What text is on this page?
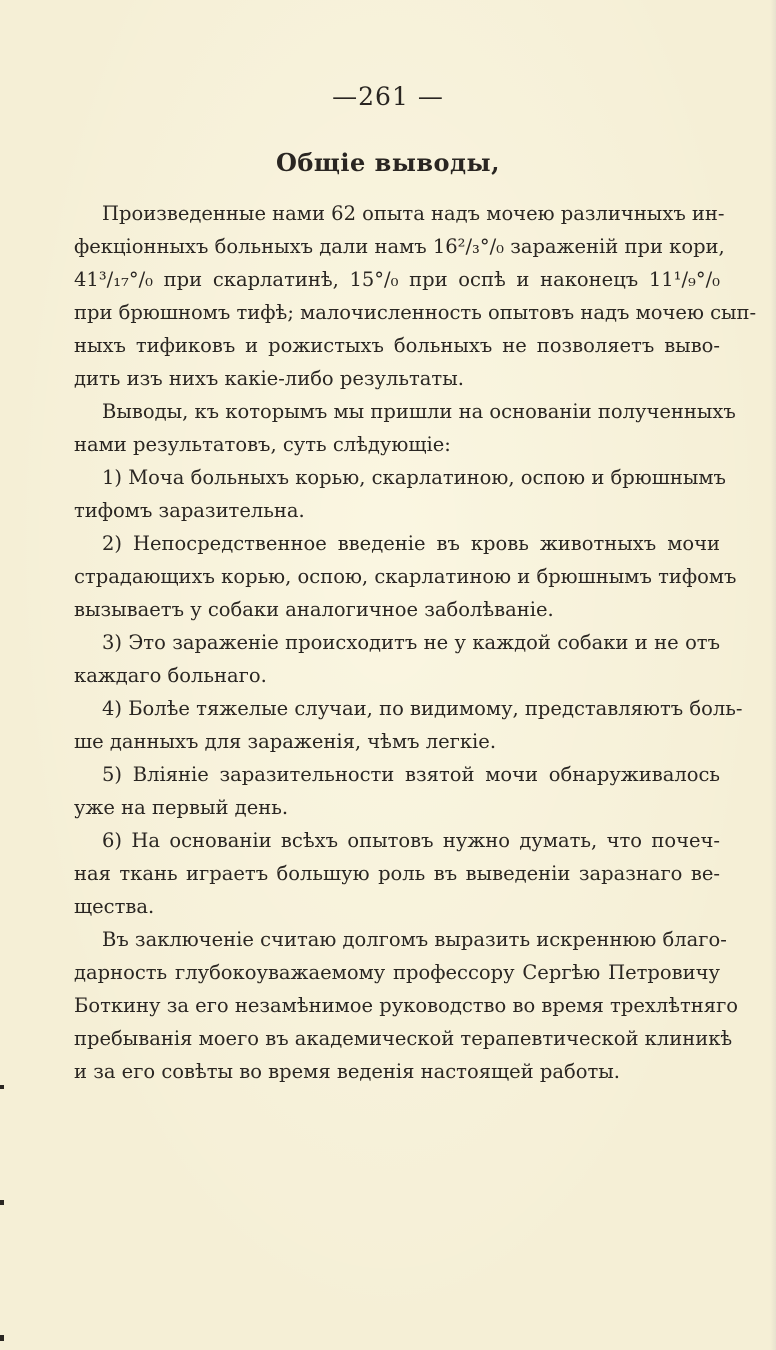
—261 —
Общіе выводы,
Произведенные нами 62 опыта надъ мочею различныхъ ин-
фекціонныхъ больныхъ дали намъ 16²/₃°/₀ зараженій при кори,
41³/₁₇°/₀ при скарлатинѣ, 15°/₀ при оспѣ и наконецъ 11¹/₉°/₀
при брюшномъ тифѣ; малочисленность опытовъ надъ мочею сып-
ныхъ тификовъ и рожистыхъ больныхъ не позволяетъ выво-
дить изъ нихъ какіе-либо результаты.
Выводы, къ которымъ мы пришли на основаніи полученныхъ
нами результатовъ, суть слѣдующіе:
1) Моча больныхъ корью, скарлатиною, оспою и брюшнымъ
тифомъ заразительна.
2) Непосредственное введеніе въ кровь животныхъ мочи
страдающихъ корью, оспою, скарлатиною и брюшнымъ тифомъ
вызываетъ у собаки аналогичное заболѣваніе.
3) Это зараженіе происходитъ не у каждой собаки и не отъ
каждаго больнаго.
4) Болѣе тяжелые случаи, по видимому, представляютъ боль-
ше данныхъ для зараженія, чѣмъ легкіе.
5) Вліяніе заразительности взятой мочи обнаруживалось
уже на первый день.
6) На основаніи всѣхъ опытовъ нужно думать, что почеч-
ная ткань играетъ большую роль въ выведеніи заразнаго ве-
щества.
Въ заключеніе считаю долгомъ выразить искреннюю благо-
дарность глубокоуважаемому профессору Сергѣю Петровичу
Боткину за его незамѣнимое руководство во время трехлѣтняго
пребыванія моего въ академической терапевтической клиникѣ
и за его совѣты во время веденія настоящей работы.
